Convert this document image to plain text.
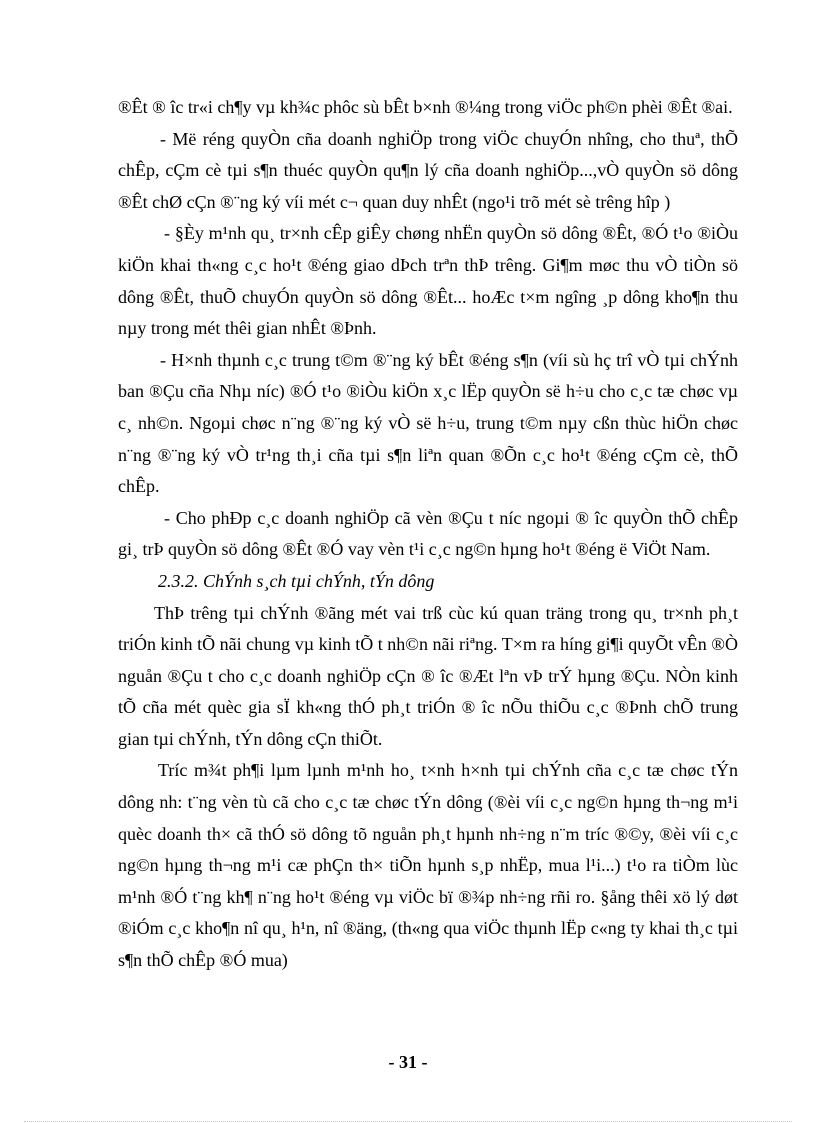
®Êt ® îc tr«i ch¶y vµ kh¾c phôc sù bÊt b×nh ®¼ng trong viÖc ph©n phèi ®Êt ®ai.

- Më réng quyÒn cña doanh nghiÖp trong viÖc chuyÓn nhîng, cho thuª, thÕ chÊp, cÇm cè tµi s¶n thuéc quyÒn qu¶n lý cña doanh nghiÖp...,vÒ quyÒn sö dông ®Êt chØ cÇn ®¨ng ký víi mét c¬ quan duy nhÊt (ngo¹i trõ mét sè trêng hîp )

- §Èy m¹nh qu¸ tr×nh cÊp giÊy chøng nhËn quyÒn sö dông ®Êt, ®Ó t¹o ®iÒu kiÖn khai th«ng c¸c ho¹t ®éng giao dÞch trªn thÞ trêng. Gi¶m møc thu vÒ tiÒn sö dông ®Êt, thuÕ chuyÓn quyÒn sö dông ®Êt... hoÆc t×m ngîng ¸p dông kho¶n thu nµy trong mét thêi gian nhÊt ®Þnh.

- H×nh thµnh c¸c trung t©m ®¨ng ký bÊt ®éng s¶n (víi sù hç trî vÒ tµi chÝnh ban ®Çu cña Nhµ níc) ®Ó t¹o ®iÒu kiÖn x¸c lËp quyÒn së h÷u cho c¸c tæ chøc vµ c¸ nh©n. Ngoµi chøc n¨ng ®¨ng ký vÒ së h÷u, trung t©m nµy cßn thùc hiÖn chøc n¨ng ®¨ng ký vÒ tr¹ng th¸i cña tµi s¶n liªn quan ®Õn c¸c ho¹t ®éng cÇm cè, thÕ chÊp.

- Cho phÐp c¸c doanh nghiÖp cã vèn ®Çu t níc ngoµi ® îc quyÒn thÕ chÊp gi¸ trÞ quyÒn sö dông ®Êt ®Ó vay vèn t¹i c¸c ng©n hµng ho¹t ®éng ë ViÖt Nam.

2.3.2. ChÝnh s¸ch tµi chÝnh, tÝn dông

ThÞ trêng tµi chÝnh ®ãng mét vai trß cùc kú quan träng trong qu¸ tr×nh ph¸t triÓn kinh tÕ nãi chung vµ kinh tÕ t nh©n nãi riªng. T×m ra híng gi¶i quyÕt vÊn ®Ò nguån ®Çu t cho c¸c doanh nghiÖp cÇn ® îc ®Æt lªn vÞ trÝ hµng ®Çu. NÒn kinh tÕ cña mét quèc gia sÏ kh«ng thÓ ph¸t triÓn ® îc nÕu thiÕu c¸c ®Þnh chÕ trung gian tµi chÝnh, tÝn dông cÇn thiÕt.

Tríc m¾t ph¶i lµm lµnh m¹nh ho¸ t×nh h×nh tµi chÝnh cña c¸c tæ chøc tÝn dông nh: t¨ng vèn tù cã cho c¸c tæ chøc tÝn dông (®èi víi c¸c ng©n hµng th¬ng m¹i quèc doanh th× cã thÓ sö dông tõ nguån ph¸t hµnh nh÷ng n¨m tríc ®©y, ®èi víi c¸c ng©n hµng th¬ng m¹i cæ phÇn th× tiÕn hµnh s¸p nhËp, mua l¹i...) t¹o ra tiÒm lùc m¹nh ®Ó t¨ng kh¶ n¨ng ho¹t ®éng vµ viÖc bï ®¾p nh÷ng rñi ro. §ång thêi xö lý døt ®iÓm c¸c kho¶n nî qu¸ h¹n, nî ®äng, (th«ng qua viÖc thµnh lËp c«ng ty khai th¸c tµi s¶n thÕ chÊp ®Ó mua)

- 31 -
